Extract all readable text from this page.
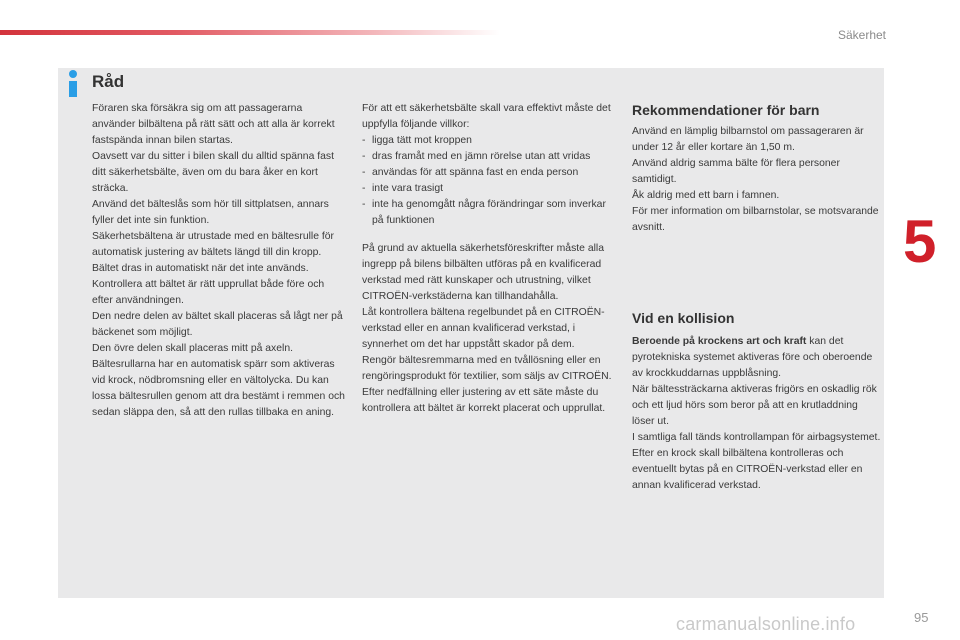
Säkerhet
5
Råd

Föraren ska försäkra sig om att passagerarna använder bilbältena på rätt sätt och att alla är korrekt fastspända innan bilen startas.

Oavsett var du sitter i bilen skall du alltid spänna fast ditt säkerhetsbälte, även om du bara åker en kort sträcka.

Använd det bälteslås som hör till sittplatsen, annars fyller det inte sin funktion.

Säkerhetsbältena är utrustade med en bältesrulle för automatisk justering av bältets längd till din kropp. Bältet dras in automatiskt när det inte används.

Kontrollera att bältet är rätt upprullat både före och efter användningen.

Den nedre delen av bältet skall placeras så lågt ner på bäckenet som möjligt.

Den övre delen skall placeras mitt på axeln.

Bältesrullarna har en automatisk spärr som aktiveras vid krock, nödbromsning eller en vältolycka. Du kan lossa bältesrullen genom att dra bestämt i remmen och sedan släppa den, så att den rullas tillbaka en aning.

För att ett säkerhetsbälte skall vara effektivt måste det uppfylla följande villkor:

- ligga tätt mot kroppen
- dras framåt med en jämn rörelse utan att vridas
- användas för att spänna fast en enda person
- inte vara trasigt
- inte ha genomgått några förändringar som inverkar på funktionen

På grund av aktuella säkerhetsföreskrifter måste alla ingrepp på bilens bilbälten utföras på en kvalificerad verkstad med rätt kunskaper och utrustning, vilket CITROËN-verkstäderna kan tillhandahålla.

Låt kontrollera bältena regelbundet på en CITROËN-verkstad eller en annan kvalificerad verkstad, i synnerhet om det har uppstått skador på dem.

Rengör bältesremmarna med en tvållösning eller en rengöringsprodukt för textilier, som säljs av CITROËN.

Efter nedfällning eller justering av ett säte måste du kontrollera att bältet är korrekt placerat och upprullat.

Rekommendationer för barn

Använd en lämplig bilbarnstol om passageraren är under 12 år eller kortare än 1,50 m.

Använd aldrig samma bälte för flera personer samtidigt.

Åk aldrig med ett barn i famnen.

För mer information om bilbarnstolar, se motsvarande avsnitt.

Vid en kollision

Beroende på krockens art och kraft kan det pyrotekniska systemet aktiveras före och oberoende av krockkuddarnas uppblåsning.

När bältessträckarna aktiveras frigörs en oskadlig rök och ett ljud hörs som beror på att en krutladdning löser ut.

I samtliga fall tänds kontrollampan för airbagsystemet.

Efter en krock skall bilbältena kontrolleras och eventuellt bytas på en CITROËN-verkstad eller en annan kvalificerad verkstad.

95
carmanualsonline.info
